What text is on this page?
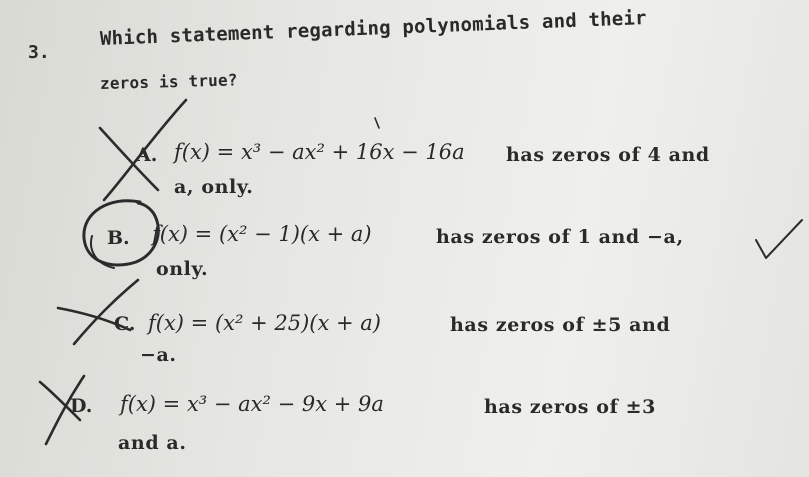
3.
Which statement regarding polynomials and their
zeros is true?
A. f(x) = x³ − ax² + 16x − 16a has zeros of 4 and
a, only.
B. f(x) = (x² − 1)(x + a)	has zeros of 1 and −a,
only.
C. f(x) = (x² + 25)(x + a)	has zeros of ±5 and
−a.
D. f(x) = x³ − ax² − 9x + 9a	has zeros of ±3
and a.
